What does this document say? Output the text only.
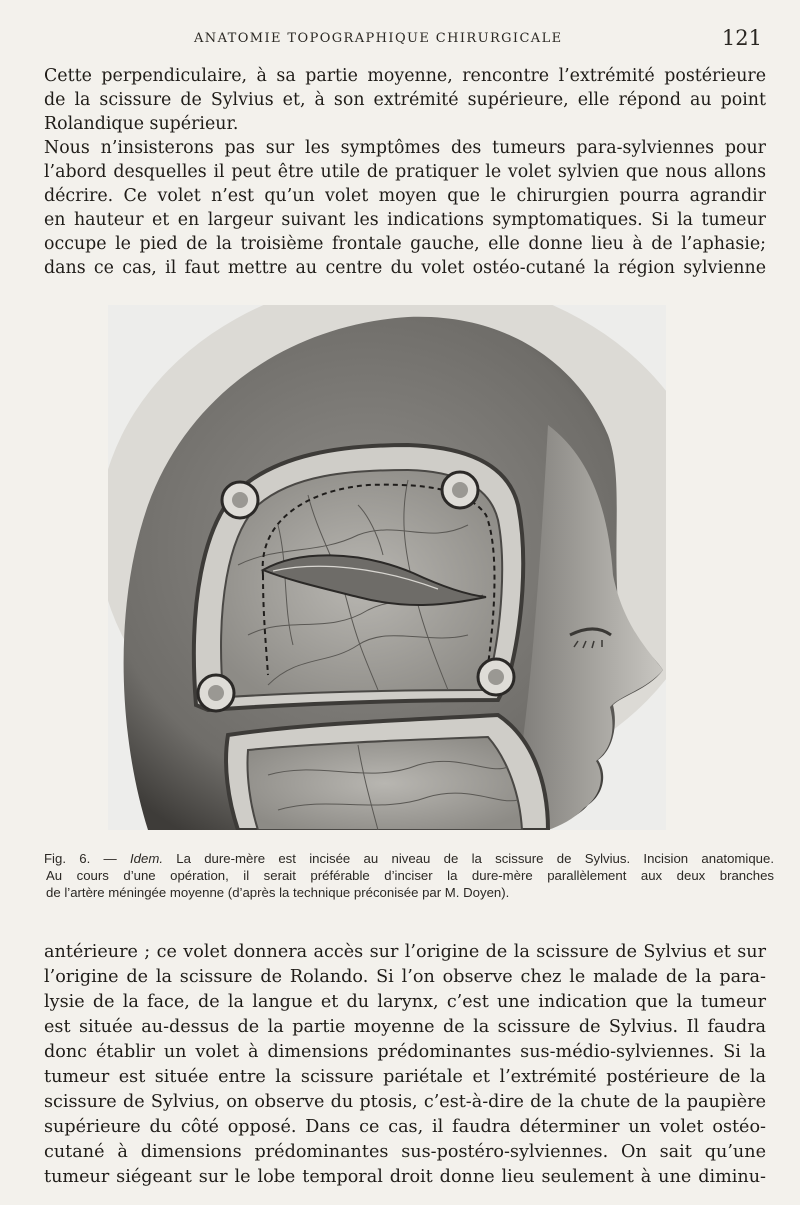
ANATOMIE TOPOGRAPHIQUE CHIRURGICALE	121
Cette perpendiculaire, à sa partie moyenne, rencontre l’extrémité postérieure
de la scissure de Sylvius et, à son extrémité supérieure, elle répond au point
Rolandique supérieur.
Nous n’insisterons pas sur les symptômes des tumeurs para-sylviennes pour
l’abord desquelles il peut être utile de pratiquer le volet sylvien que nous allons
décrire. Ce volet n’est qu’un volet moyen que le chirurgien pourra agrandir
en hauteur et en largeur suivant les indications symptomatiques. Si la tumeur
occupe le pied de la troisième frontale gauche, elle donne lieu à de l’aphasie;
dans ce cas, il faut mettre au centre du volet ostéo-cutané la région sylvienne
Fig. 6. — Idem. La dure-mère est incisée au niveau de la scissure de Sylvius. Incision anatomique.
Au cours d’une opération, il serait préférable d’inciser la dure-mère parallèlement aux deux branches
de l’artère méningée moyenne (d’après la technique préconisée par M. Doyen).
antérieure ; ce volet donnera accès sur l’origine de la scissure de Sylvius et sur
l’origine de la scissure de Rolando. Si l’on observe chez le malade de la para-
lysie de la face, de la langue et du larynx, c’est une indication que la tumeur
est située au-dessus de la partie moyenne de la scissure de Sylvius. Il faudra
donc établir un volet à dimensions prédominantes sus-médio-sylviennes. Si la
tumeur est située entre la scissure pariétale et l’extrémité postérieure de la
scissure de Sylvius, on observe du ptosis, c’est-à-dire de la chute de la paupière
supérieure du côté opposé. Dans ce cas, il faudra déterminer un volet ostéo-
cutané à dimensions prédominantes sus-postéro-sylviennes. On sait qu’une
tumeur siégeant sur le lobe temporal droit donne lieu seulement à une diminu-
